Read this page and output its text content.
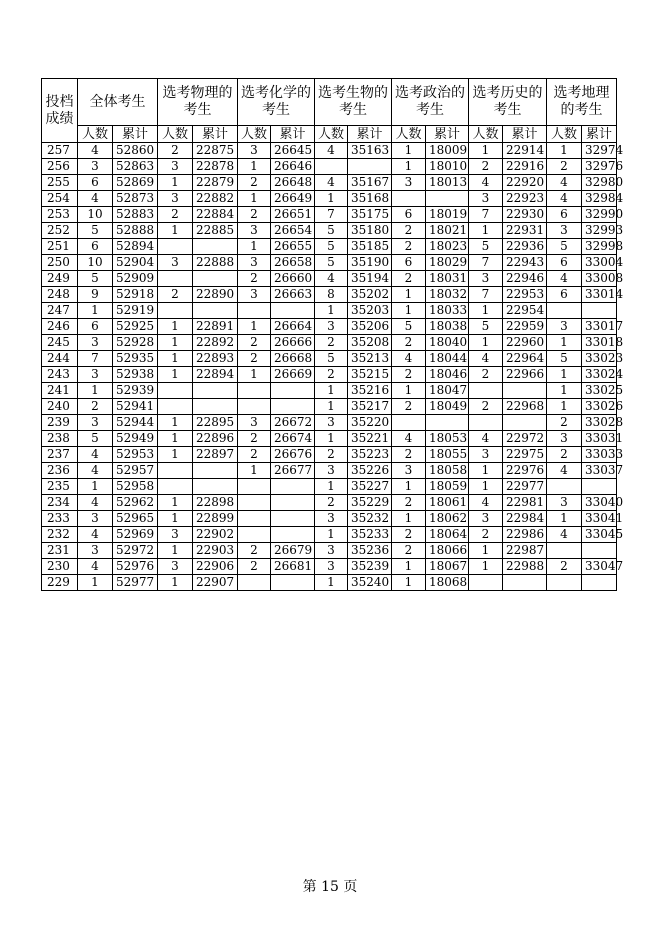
投档成绩	全体考生		选考物理的考生		选考化学的考生		选考生物的考生		选考政治的考生		选考历史的考生		选考地理的考生	
	人数	累计	人数	累计	人数	累计	人数	累计	人数	累计	人数	累计	人数	累计
257	4	52860	2	22875	3	26645	4	35163	1	18009	1	22914	1	32974
256	3	52863	3	22878	1	26646			1	18010	2	22916	2	32976
255	6	52869	1	22879	2	26648	4	35167	3	18013	4	22920	4	32980
254	4	52873	3	22882	1	26649	1	35168			3	22923	4	32984
253	10	52883	2	22884	2	26651	7	35175	6	18019	7	22930	6	32990
252	5	52888	1	22885	3	26654	5	35180	2	18021	1	22931	3	32993
251	6	52894			1	26655	5	35185	2	18023	5	22936	5	32998
250	10	52904	3	22888	3	26658	5	35190	6	18029	7	22943	6	33004
249	5	52909			2	26660	4	35194	2	18031	3	22946	4	33008
248	9	52918	2	22890	3	26663	8	35202	1	18032	7	22953	6	33014
247	1	52919					1	35203	1	18033	1	22954		
246	6	52925	1	22891	1	26664	3	35206	5	18038	5	22959	3	33017
245	3	52928	1	22892	2	26666	2	35208	2	18040	1	22960	1	33018
244	7	52935	1	22893	2	26668	5	35213	4	18044	4	22964	5	33023
243	3	52938	1	22894	1	26669	2	35215	2	18046	2	22966	1	33024
241	1	52939					1	35216	1	18047			1	33025
240	2	52941					1	35217	2	18049	2	22968	1	33026
239	3	52944	1	22895	3	26672	3	35220					2	33028
238	5	52949	1	22896	2	26674	1	35221	4	18053	4	22972	3	33031
237	4	52953	1	22897	2	26676	2	35223	2	18055	3	22975	2	33033
236	4	52957			1	26677	3	35226	3	18058	1	22976	4	33037
235	1	52958					1	35227	1	18059	1	22977		
234	4	52962	1	22898			2	35229	2	18061	4	22981	3	33040
233	3	52965	1	22899			3	35232	1	18062	3	22984	1	33041
232	4	52969	3	22902			1	35233	2	18064	2	22986	4	33045
231	3	52972	1	22903	2	26679	3	35236	2	18066	1	22987		
230	4	52976	3	22906	2	26681	3	35239	1	18067	1	22988	2	33047
229	1	52977	1	22907			1	35240	1	18068				
第 15 页
